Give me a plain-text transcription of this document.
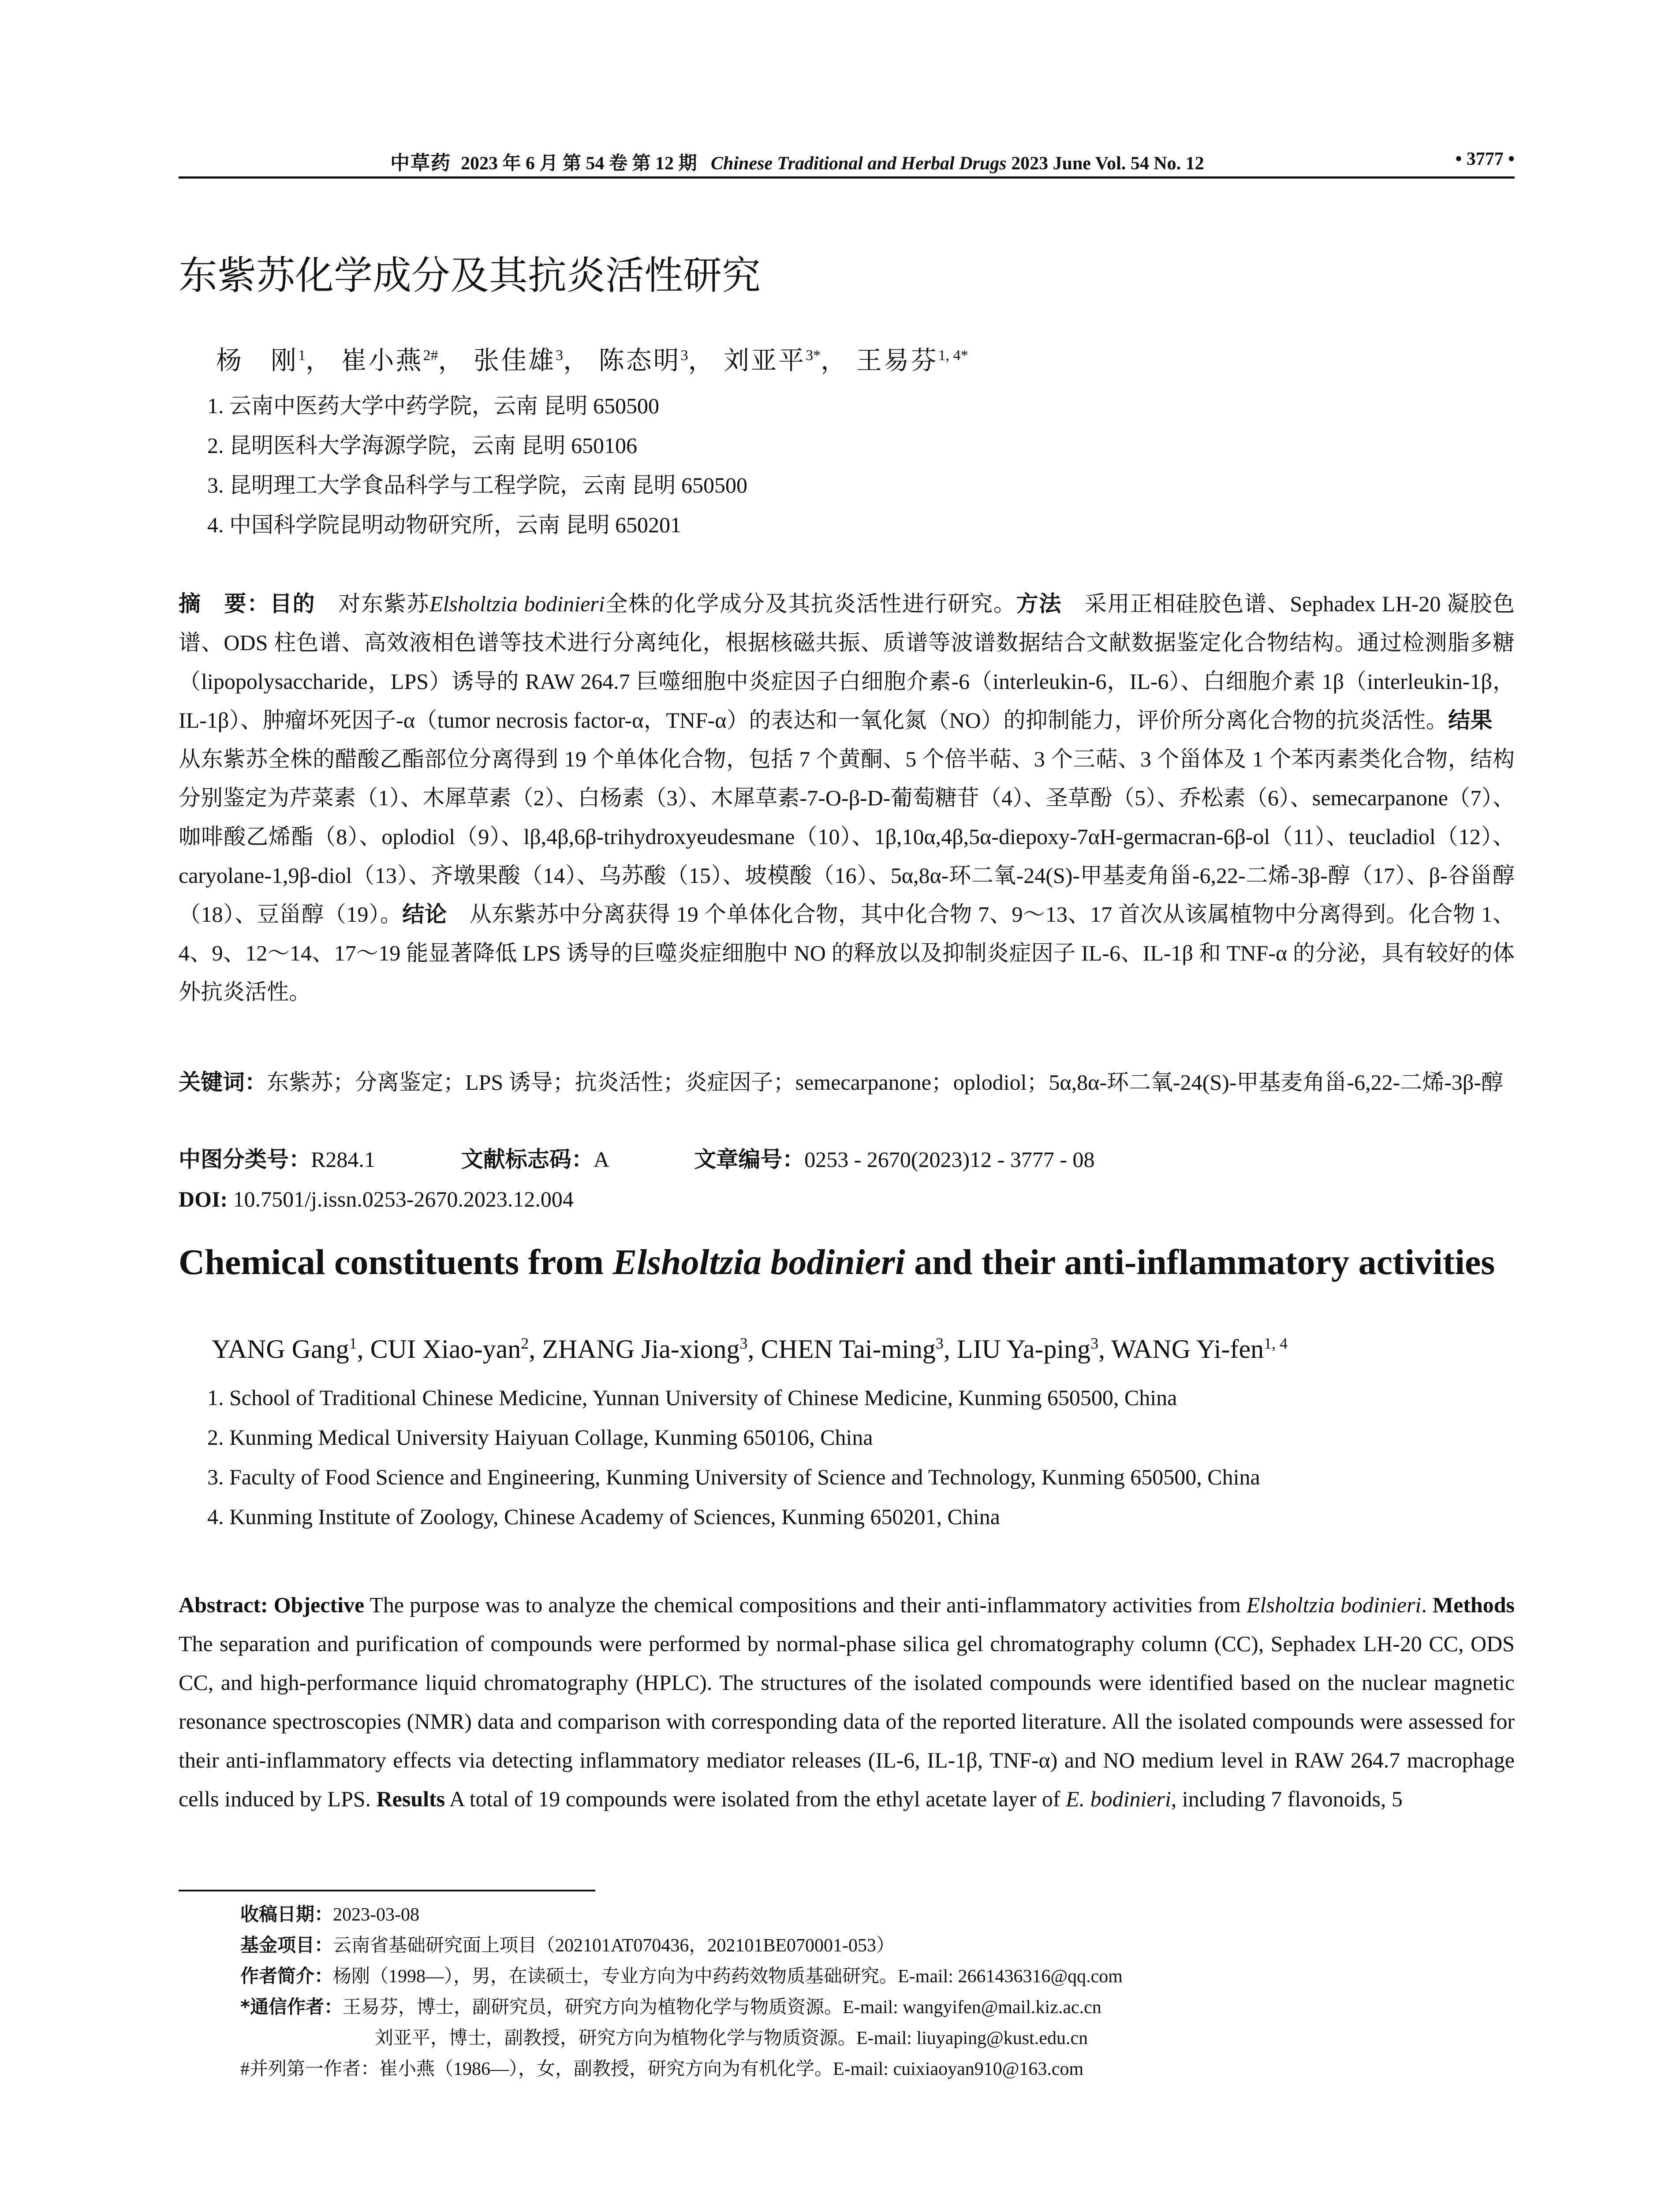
中草药 2023 年 6 月 第 54 卷 第 12 期 Chinese Traditional and Herbal Drugs 2023 June Vol. 54 No. 12	• 3777 •
东紫苏化学成分及其抗炎活性研究
杨　刚$^1$， 崔小燕$^{2\#}$， 张佳雄$^3$， 陈态明$^3$， 刘亚平$^{3*}$， 王易芬$^{1, 4*}$
1. 云南中医药大学中药学院，云南 昆明 650500
2. 昆明医科大学海源学院，云南 昆明 650106
3. 昆明理工大学食品科学与工程学院，云南 昆明 650500
4. 中国科学院昆明动物研究所，云南 昆明 650201
摘　要：目的　对东紫苏Elsholtzia bodinieri全株的化学成分及其抗炎活性进行研究。方法　采用正相硅胶色谱、Sephadex LH-20 凝胶色谱、ODS 柱色谱、高效液相色谱等技术进行分离纯化，根据核磁共振、质谱等波谱数据结合文献数据鉴定化合物结构。通过检测脂多糖（lipopolysaccharide，LPS）诱导的 RAW 264.7 巨噬细胞中炎症因子白细胞介素-6（interleukin-6，IL-6）、白细胞介素 1β（interleukin-1β，IL-1β）、肿瘤坏死因子-α（tumor necrosis factor-α，TNF-α）的表达和一氧化氮（NO）的抑制能力，评价所分离化合物的抗炎活性。结果　从东紫苏全株的醋酸乙酯部位分离得到 19 个单体化合物，包括 7 个黄酮、5 个倍半萜、3 个三萜、3 个甾体及 1 个苯丙素类化合物，结构分别鉴定为芹菜素（1）、木犀草素（2）、白杨素（3）、木犀草素-7-O-β-D-葡萄糖苷（4）、圣草酚（5）、乔松素（6）、semecarpanone（7）、咖啡酸乙烯酯（8）、oplodiol（9）、lβ,4β,6β-trihydroxyeudesmane（10）、1β,10α,4β,5α-diepoxy-7αH-germacran-6β-ol（11）、teucladiol（12）、caryolane-1,9β-diol（13）、齐墩果酸（14）、乌苏酸（15）、坡模酸（16）、5α,8α-环二氧-24(S)-甲基麦角甾-6,22-二烯-3β-醇（17）、β-谷甾醇（18）、豆甾醇（19）。结论　从东紫苏中分离获得 19 个单体化合物，其中化合物 7、9～13、17 首次从该属植物中分离得到。化合物 1、4、9、12～14、17～19 能显著降低 LPS 诱导的巨噬炎症细胞中 NO 的释放以及抑制炎症因子 IL-6、IL-1β 和 TNF-α 的分泌，具有较好的体外抗炎活性。
关键词：东紫苏；分离鉴定；LPS 诱导；抗炎活性；炎症因子；semecarpanone；oplodiol；5α,8α-环二氧-24(S)-甲基麦角甾-6,22-二烯-3β-醇
中图分类号：R284.1	文献标志码：A	文章编号：0253 - 2670(2023)12 - 3777 - 08
DOI: 10.7501/j.issn.0253-2670.2023.12.004
Chemical constituents from Elsholtzia bodinieri and their anti-inflammatory activities
YANG Gang$^1$, CUI Xiao-yan$^2$, ZHANG Jia-xiong$^3$, CHEN Tai-ming$^3$, LIU Ya-ping$^3$, WANG Yi-fen$^{1, 4}$
1. School of Traditional Chinese Medicine, Yunnan University of Chinese Medicine, Kunming 650500, China
2. Kunming Medical University Haiyuan Collage, Kunming 650106, China
3. Faculty of Food Science and Engineering, Kunming University of Science and Technology, Kunming 650500, China
4. Kunming Institute of Zoology, Chinese Academy of Sciences, Kunming 650201, China
Abstract: Objective The purpose was to analyze the chemical compositions and their anti-inflammatory activities from Elsholtzia bodinieri. Methods The separation and purification of compounds were performed by normal-phase silica gel chromatography column (CC), Sephadex LH-20 CC, ODS CC, and high-performance liquid chromatography (HPLC). The structures of the isolated compounds were identified based on the nuclear magnetic resonance spectroscopies (NMR) data and comparison with corresponding data of the reported literature. All the isolated compounds were assessed for their anti-inflammatory effects via detecting inflammatory mediator releases (IL-6, IL-1β, TNF-α) and NO medium level in RAW 264.7 macrophage cells induced by LPS. Results A total of 19 compounds were isolated from the ethyl acetate layer of E. bodinieri, including 7 flavonoids, 5
收稿日期：2023-03-08
基金项目：云南省基础研究面上项目（202101AT070436，202101BE070001-053）
作者简介：杨刚（1998—），男，在读硕士，专业方向为中药药效物质基础研究。E-mail: 2661436316@qq.com
*通信作者：王易芬，博士，副研究员，研究方向为植物化学与物质资源。E-mail: wangyifen@mail.kiz.ac.cn
刘亚平，博士，副教授，研究方向为植物化学与物质资源。E-mail: liuyaping@kust.edu.cn
#并列第一作者：崔小燕（1986—），女，副教授，研究方向为有机化学。E-mail: cuixiaoyan910@163.com
